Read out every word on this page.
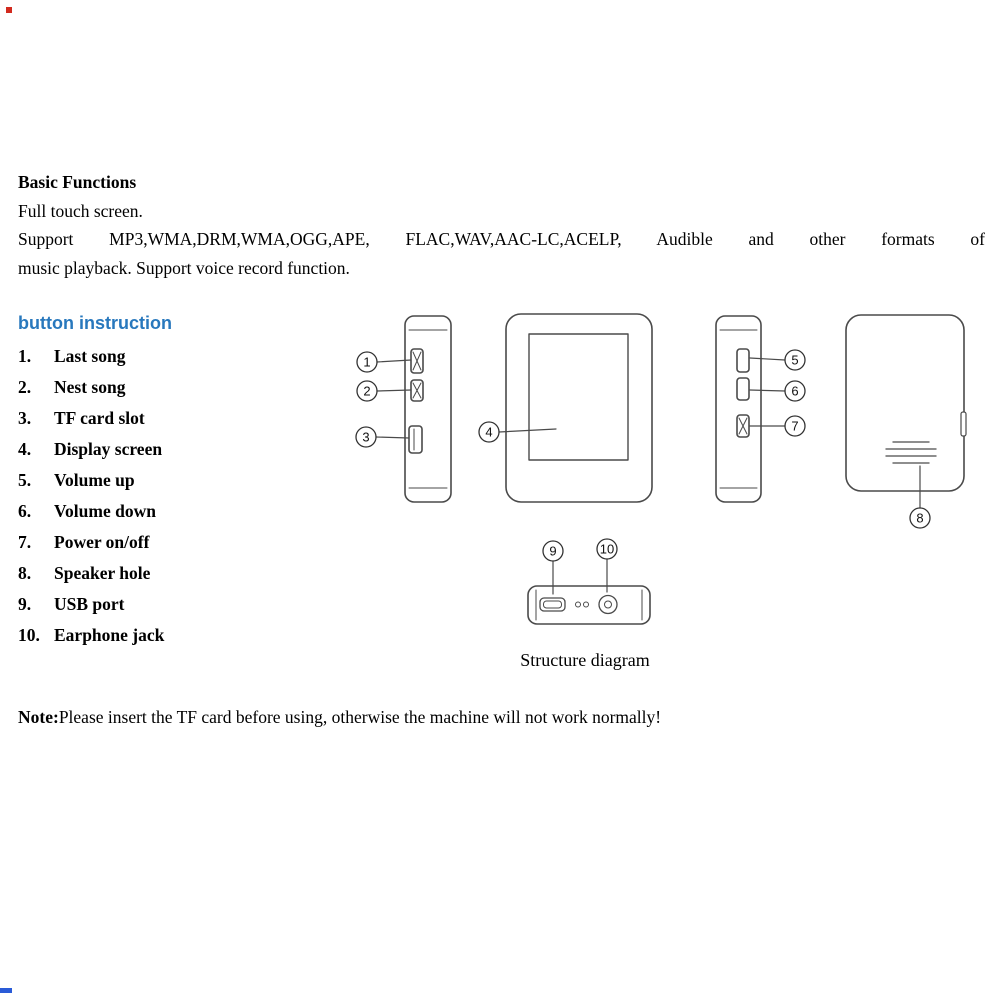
Basic Functions
Full touch screen.
Support MP3,WMA,DRM,WMA,OGG,APE, FLAC,WAV,AAC-LC,ACELP, Audible and other formats of
music playback. Support voice record function.
button instruction
1.	Last song
2.	Nest song
3.	TF card slot
4.	Display screen
5.	Volume up
6.	Volume down
7.	Power on/off
8.	Speaker hole
9.	USB port
10. Earphone jack
1
2
3	4
5
6
7
8
9	10
Structure diagram
Note:Please insert the TF card before using, otherwise the machine will not work normally!
